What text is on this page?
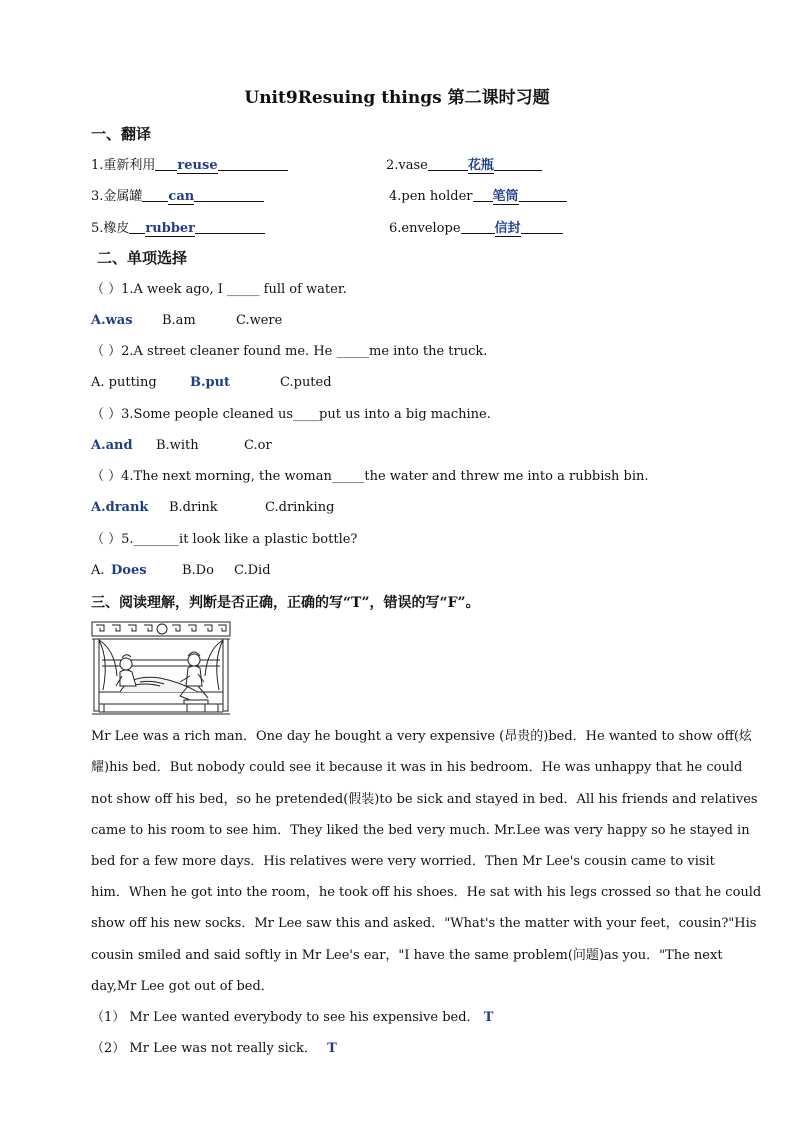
Unit9Resuing things 第二课时习题
一、翻译
1.重新利用 reuse	2.vase	花瓶
3.金属罐 can	4.pen holder 笔筒
5.橡皮 rubber	6.envelope	信封
二、单项选择
（ ）1.A week ago, I _____ full of water.
A.was B.am	C.were
（ ）2.A street cleaner found me. He _____me into the truck.
A. putting	B.put	C.puted
（ ）3.Some people cleaned us____put us into a big machine.
A.and B.with	C.or
（ ）4.The next morning, the woman_____the water and threw me into a rubbish bin.
A.drank B.drink	C.drinking
（ ）5._______it look like a plastic bottle?
A. Does	B.Do C.Did
三、阅读理解，判断是否正确，正确的写“T”，错误的写“F”。
Mr Lee was a rich man．One day he bought a very expensive (昂贵的)bed．He wanted to show off(炫
耀)his bed．But nobody could see it because it was in his bedroom．He was unhappy that he could
not show off his bed，so he pretended(假装)to be sick and stayed in bed．All his friends and relatives
came to his room to see him．They liked the bed very much. Mr.Lee was very happy so he stayed in
bed for a few more days．His relatives were very worried．Then Mr Lee's cousin came to visit
him．When he got into the room，he took off his shoes．He sat with his legs crossed so that he could
show off his new socks．Mr Lee saw this and asked．"What's the matter with your feet，cousin?"His
cousin smiled and said softly in Mr Lee's ear，"I have the same problem(问题)as you．"The next
day,Mr Lee got out of bed．
（1） Mr Lee wanted everybody to see his expensive bed． T
（2） Mr Lee was not really sick． T
